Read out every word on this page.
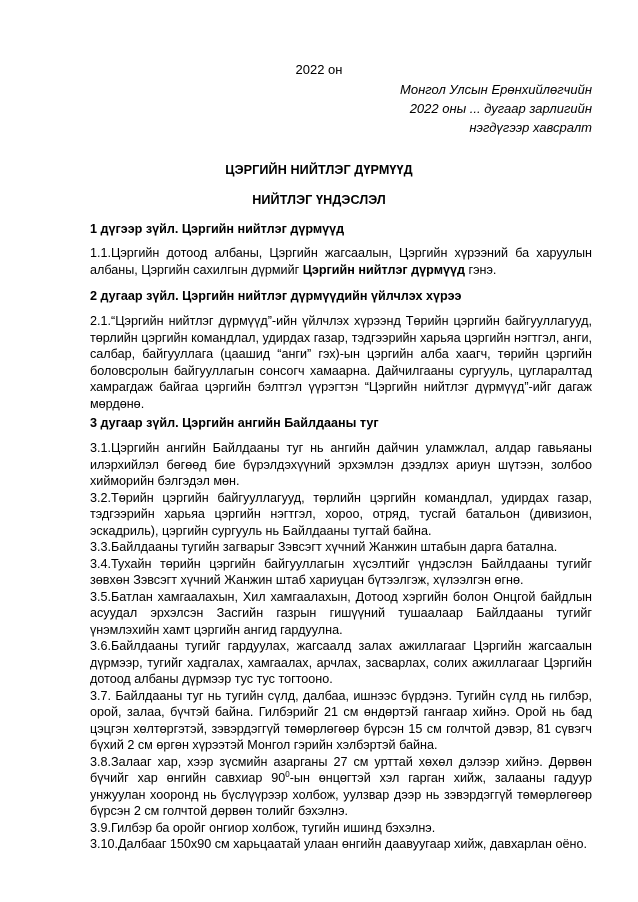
2022 он
Монгол Улсын Ерөнхийлөгчийн
2022 оны ... дугаар зарлигийн
нэгдүгээр хавсралт
ЦЭРГИЙН НИЙТЛЭГ ДҮРМҮҮД
НИЙТЛЭГ ҮНДЭСЛЭЛ
1 дүгээр зүйл. Цэргийн нийтлэг дүрмүүд
1.1.Цэргийн дотоод албаны, Цэргийн жагсаалын, Цэргийн хүрээний ба харуулын албаны, Цэргийн сахилгын дүрмийг Цэргийн нийтлэг дүрмүүд гэнэ.
2 дугаар зүйл. Цэргийн нийтлэг дүрмүүдийн үйлчлэх хүрээ
2.1.“Цэргийн нийтлэг дүрмүүд”-ийн үйлчлэх хүрээнд Төрийн цэргийн байгууллагууд, төрлийн цэргийн командлал, удирдах газар, тэдгээрийн харьяа цэргийн нэгтгэл, анги, салбар, байгууллага (цаашид “анги” гэх)-ын цэргийн алба хаагч, төрийн цэргийн боловсролын байгууллагын сонсогч хамаарна. Дайчилгааны сургууль, цугларалтад хамрагдаж байгаа цэргийн бэлтгэл үүрэгтэн “Цэргийн нийтлэг дүрмүүд”-ийг дагаж мөрдөнө.
3 дугаар зүйл. Цэргийн ангийн Байлдааны туг
3.1.Цэргийн ангийн Байлдааны туг нь ангийн дайчин уламжлал, алдар гавьяаны илэрхийлэл бөгөөд бие бүрэлдэхүүний эрхэмлэн дээдлэх ариун шүтээн, золбоо хийморийн бэлгэдэл мөн.
3.2.Төрийн цэргийн байгууллагууд, төрлийн цэргийн командлал, удирдах газар, тэдгээрийн харьяа цэргийн нэгтгэл, хороо, отряд, тусгай батальон (дивизион, эскадриль), цэргийн сургууль нь Байлдааны тугтай байна.
3.3.Байлдааны тугийн загварыг Зэвсэгт хүчний Жанжин штабын дарга батална.
3.4.Тухайн төрийн цэргийн байгууллагын хүсэлтийг үндэслэн Байлдааны тугийг зөвхөн Зэвсэгт хүчний Жанжин штаб хариуцан бүтээлгэж, хүлээлгэн өгнө.
3.5.Батлан хамгаалахын, Хил хамгаалахын, Дотоод хэргийн болон Онцгой байдлын асуудал эрхэлсэн Засгийн газрын гишүүний тушаалаар Байлдааны тугийг үнэмлэхийн хамт цэргийн ангид гардуулна.
3.6.Байлдааны тугийг гардуулах, жагсаалд залах ажиллагааг Цэргийн жагсаалын дүрмээр, тугийг хадгалах, хамгаалах, арчлах, засварлах, солих ажиллагааг Цэргийн дотоод албаны дүрмээр тус тус тогтооно.
3.7. Байлдааны туг нь тугийн сүлд, далбаа, ишнээс бүрдэнэ. Тугийн сүлд нь гилбэр, орой, залаа, бүчтэй байна. Гилбэрийг 21 см өндөртэй гангаар хийнэ. Орой нь бад цэцгэн хөлтөргэтэй, зэвэрдэггүй төмөрлөгөөр бүрсэн 15 см голчтой дэвэр, 81 сүвэгч бүхий 2 см өргөн хүрээтэй Монгол гэрийн хэлбэртэй байна.
3.8.Залааг хар, хээр зүсмийн азарганы 27 см урттай хөхөл дэлээр хийнэ. Дөрвөн бүчийг хар өнгийн савхиар $90^0-ын$ өнцөгтэй хэл гарган хийж, залааны гадуур унжуулан хооронд нь бүслүүрээр холбож, уулзвар дээр нь зэвэрдэггүй төмөрлөгөөр бүрсэн 2 см голчтой дөрвөн толийг бэхэлнэ.
3.9.Гилбэр ба оройг онгиор холбож, тугийн ишинд бэхэлнэ.
3.10.Далбааг 150х90 см харьцаатай улаан өнгийн даавуугаар хийж, давхарлан оёно.
